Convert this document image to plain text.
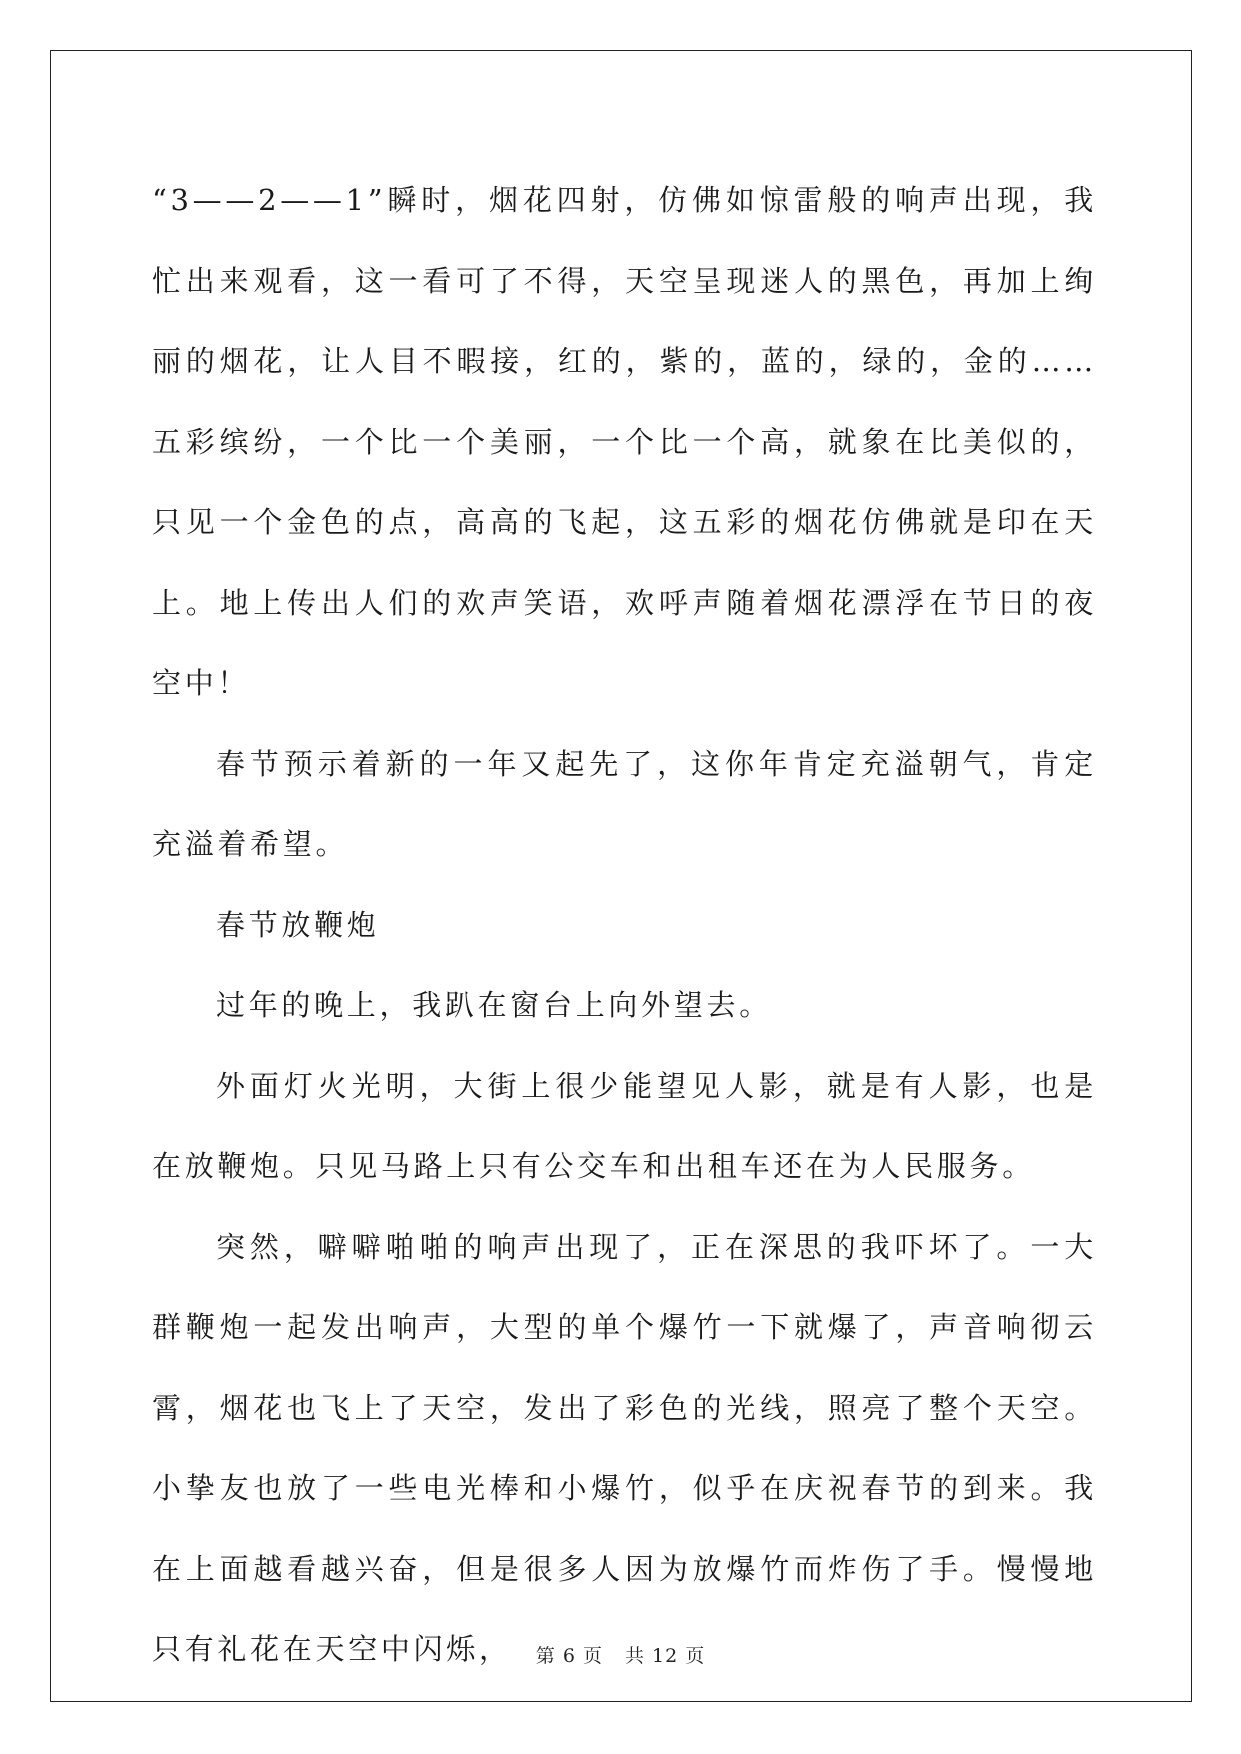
“3——2——1”瞬时，烟花四射，仿佛如惊雷般的响声出现，我忙出来观看，这一看可了不得，天空呈现迷人的黑色，再加上绚丽的烟花，让人目不暇接，红的，紫的，蓝的，绿的，金的……五彩缤纷，一个比一个美丽，一个比一个高，就象在比美似的，只见一个金色的点，高高的飞起，这五彩的烟花仿佛就是印在天上。地上传出人们的欢声笑语，欢呼声随着烟花漂浮在节日的夜空中！

春节预示着新的一年又起先了，这你年肯定充溢朝气，肯定充溢着希望。

春节放鞭炮

过年的晚上，我趴在窗台上向外望去。

外面灯火光明，大街上很少能望见人影，就是有人影，也是在放鞭炮。只见马路上只有公交车和出租车还在为人民服务。

突然，噼噼啪啪的响声出现了，正在深思的我吓坏了。一大群鞭炮一起发出响声，大型的单个爆竹一下就爆了，声音响彻云霄，烟花也飞上了天空，发出了彩色的光线，照亮了整个天空。小挚友也放了一些电光棒和小爆竹，似乎在庆祝春节的到来。我在上面越看越兴奋，但是很多人因为放爆竹而炸伤了手。慢慢地只有礼花在天空中闪烁，	第 6 页 共 12 页
